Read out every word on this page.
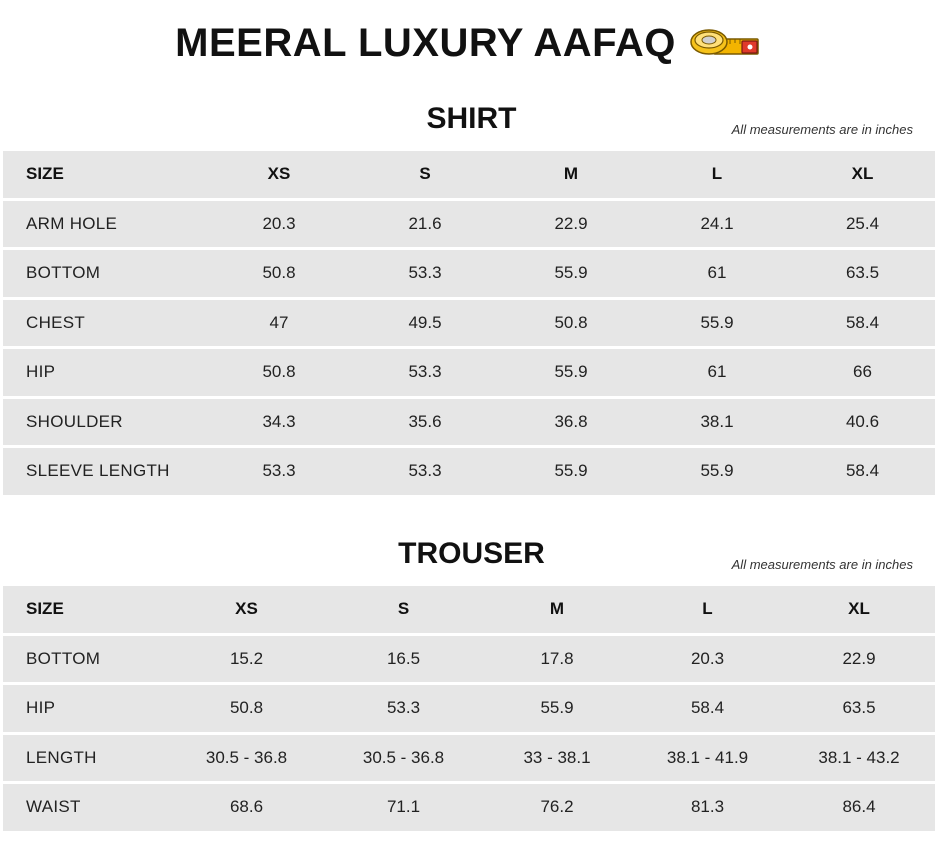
MEERAL LUXURY AAFAQ
SHIRT	All measurements are in inches
SIZE	XS	S	M	L	XL
ARM HOLE	20.3	21.6	22.9	24.1	25.4
BOTTOM	50.8	53.3	55.9	61	63.5
CHEST	47	49.5	50.8	55.9	58.4
HIP	50.8	53.3	55.9	61	66
SHOULDER	34.3	35.6	36.8	38.1	40.6
SLEEVE LENGTH	53.3	53.3	55.9	55.9	58.4
TROUSER	All measurements are in inches
SIZE	XS	S	M	L	XL
BOTTOM	15.2	16.5	17.8	20.3	22.9
HIP	50.8	53.3	55.9	58.4	63.5
LENGTH	30.5 - 36.8	30.5 - 36.8	33 - 38.1	38.1 - 41.9	38.1 - 43.2
WAIST	68.6	71.1	76.2	81.3	86.4
